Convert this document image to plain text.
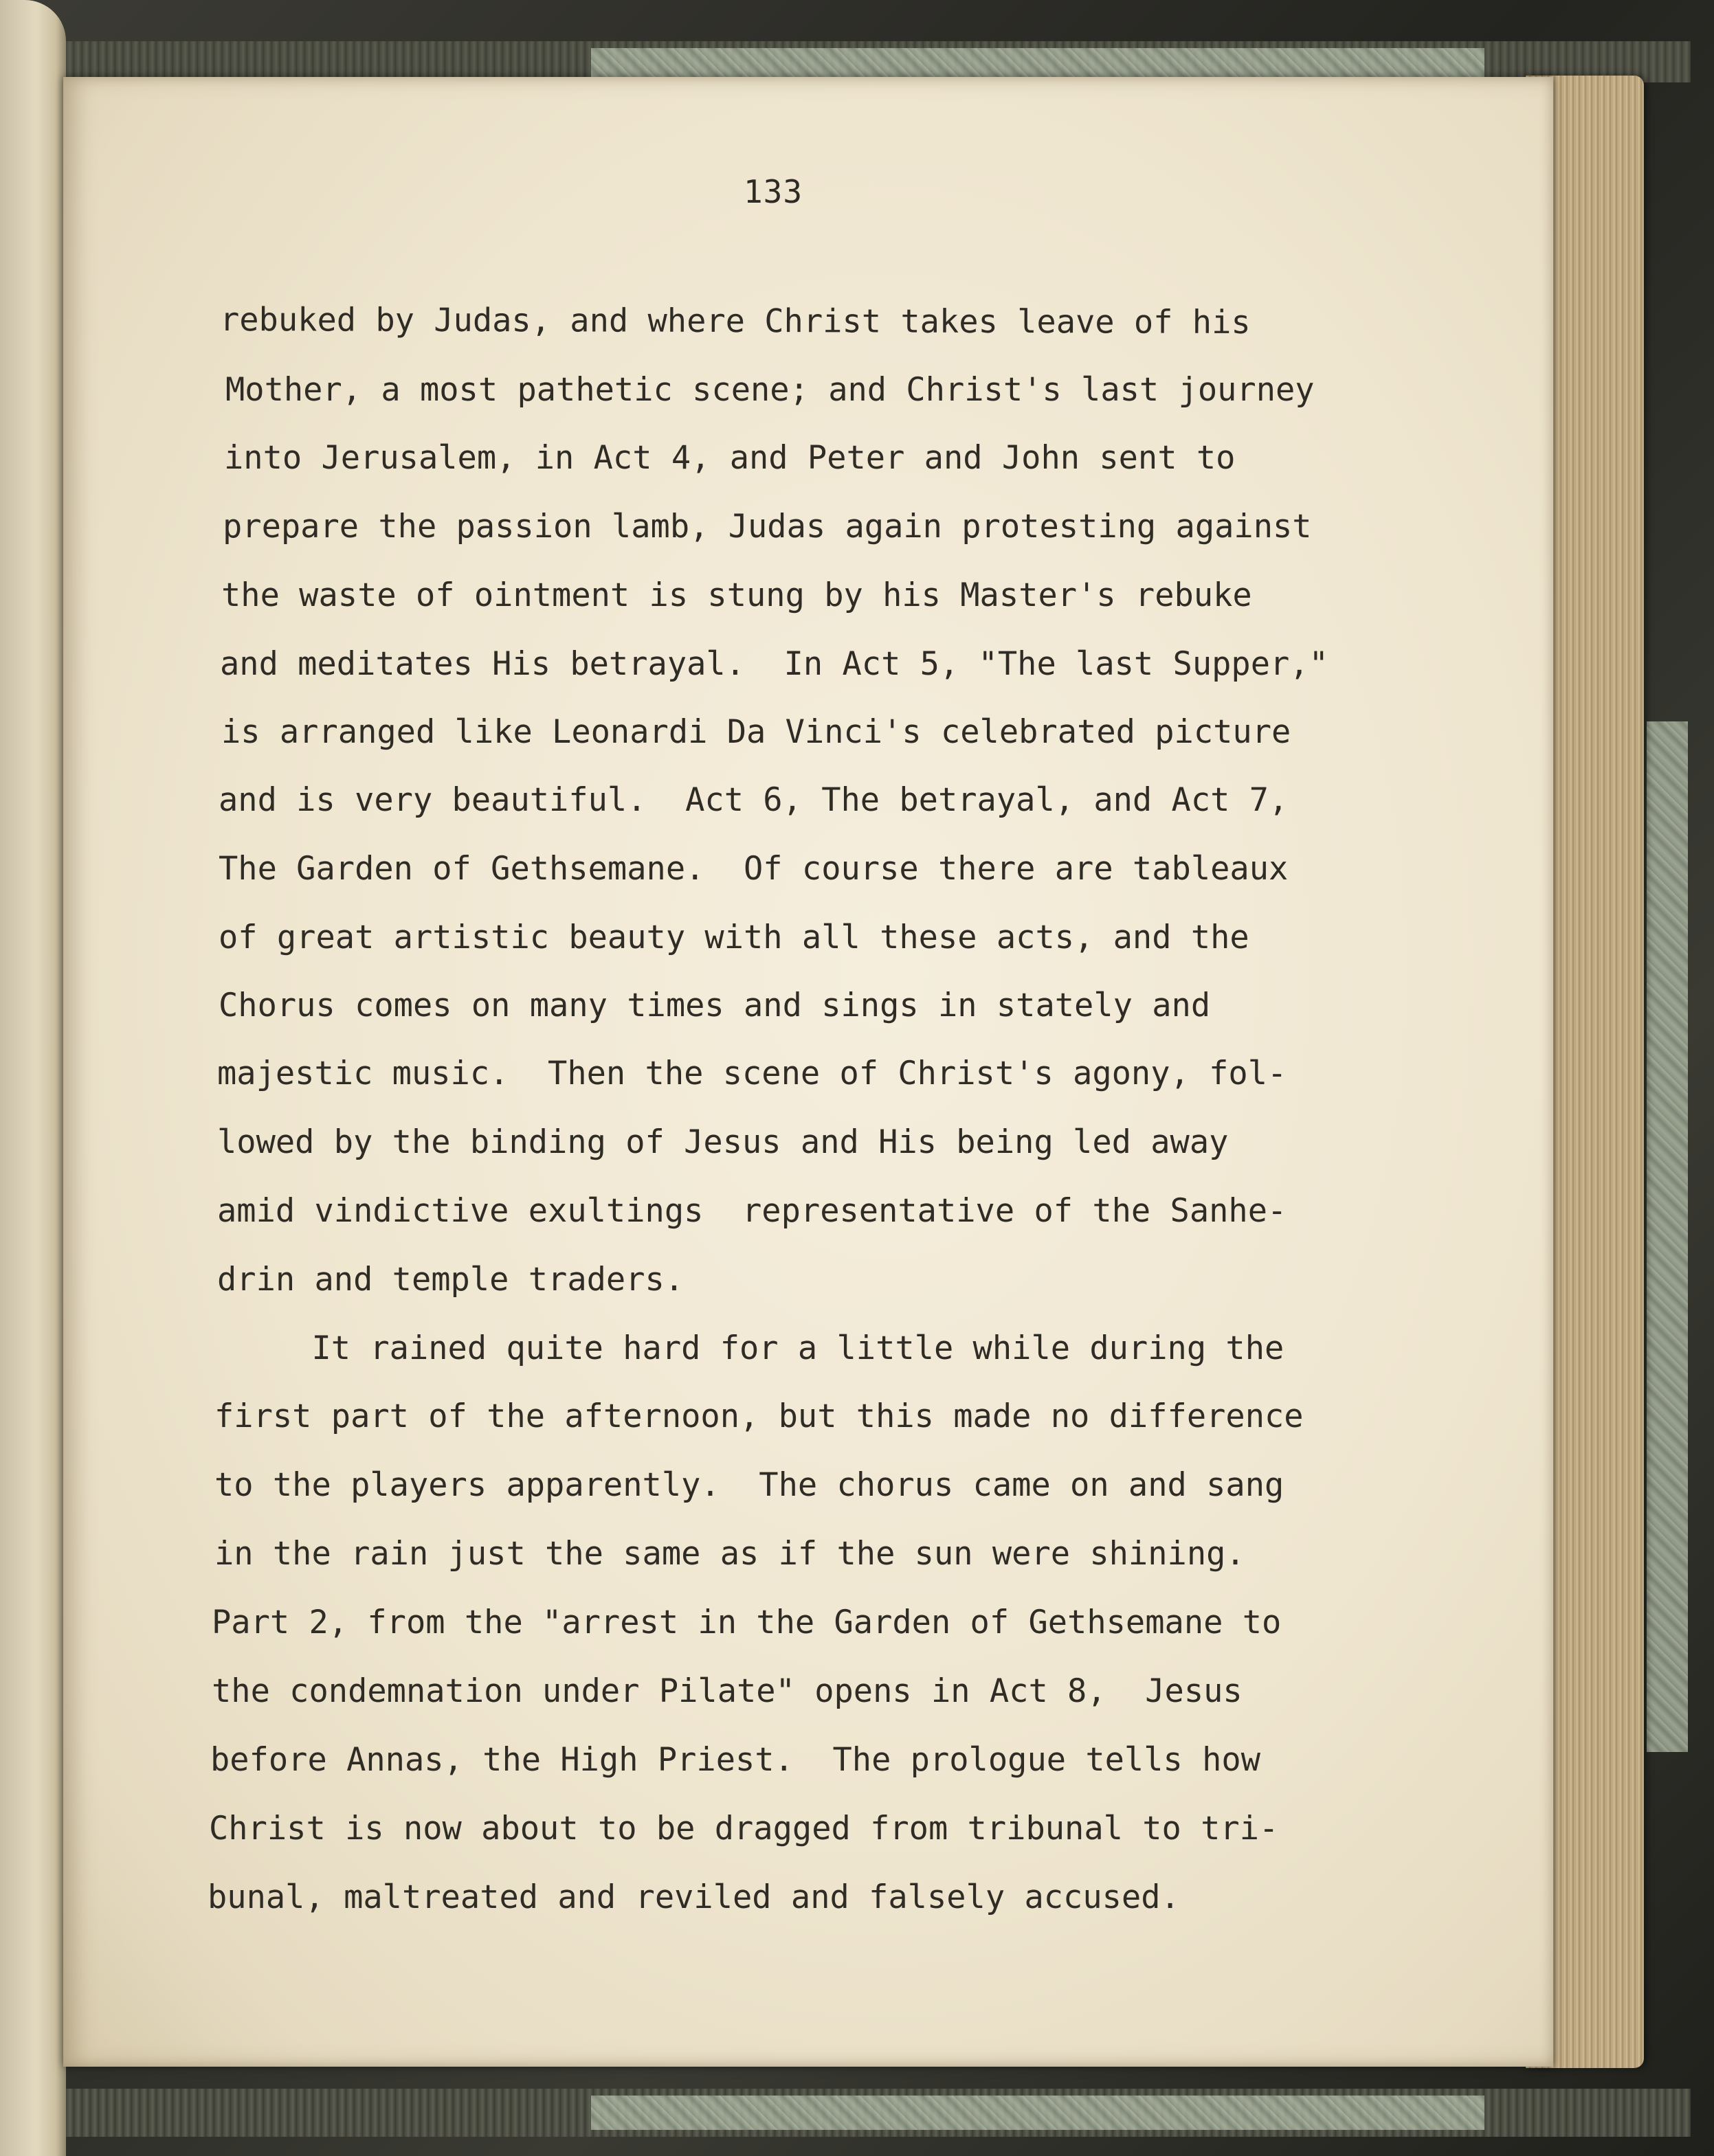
133
rebuked by Judas, and where Christ takes leave of his
Mother, a most pathetic scene; and Christ's last journey
into Jerusalem, in Act 4, and Peter and John sent to
prepare the passion lamb, Judas again protesting against
the waste of ointment is stung by his Master's rebuke
and meditates His betrayal.  In Act 5, "The last Supper,"
is arranged like Leonardi Da Vinci's celebrated picture
and is very beautiful.  Act 6, The betrayal, and Act 7,
The Garden of Gethsemane.  Of course there are tableaux
of great artistic beauty with all these acts, and the
Chorus comes on many times and sings in stately and
majestic music.  Then the scene of Christ's agony, fol-
lowed by the binding of Jesus and His being led away
amid vindictive exultings  representative of the Sanhe-
drin and temple traders.
It rained quite hard for a little while during the
first part of the afternoon, but this made no difference
to the players apparently.  The chorus came on and sang
in the rain just the same as if the sun were shining.
Part 2, from the "arrest in the Garden of Gethsemane to
the condemnation under Pilate" opens in Act 8,  Jesus
before Annas, the High Priest.  The prologue tells how
Christ is now about to be dragged from tribunal to tri-
bunal, maltreated and reviled and falsely accused.
